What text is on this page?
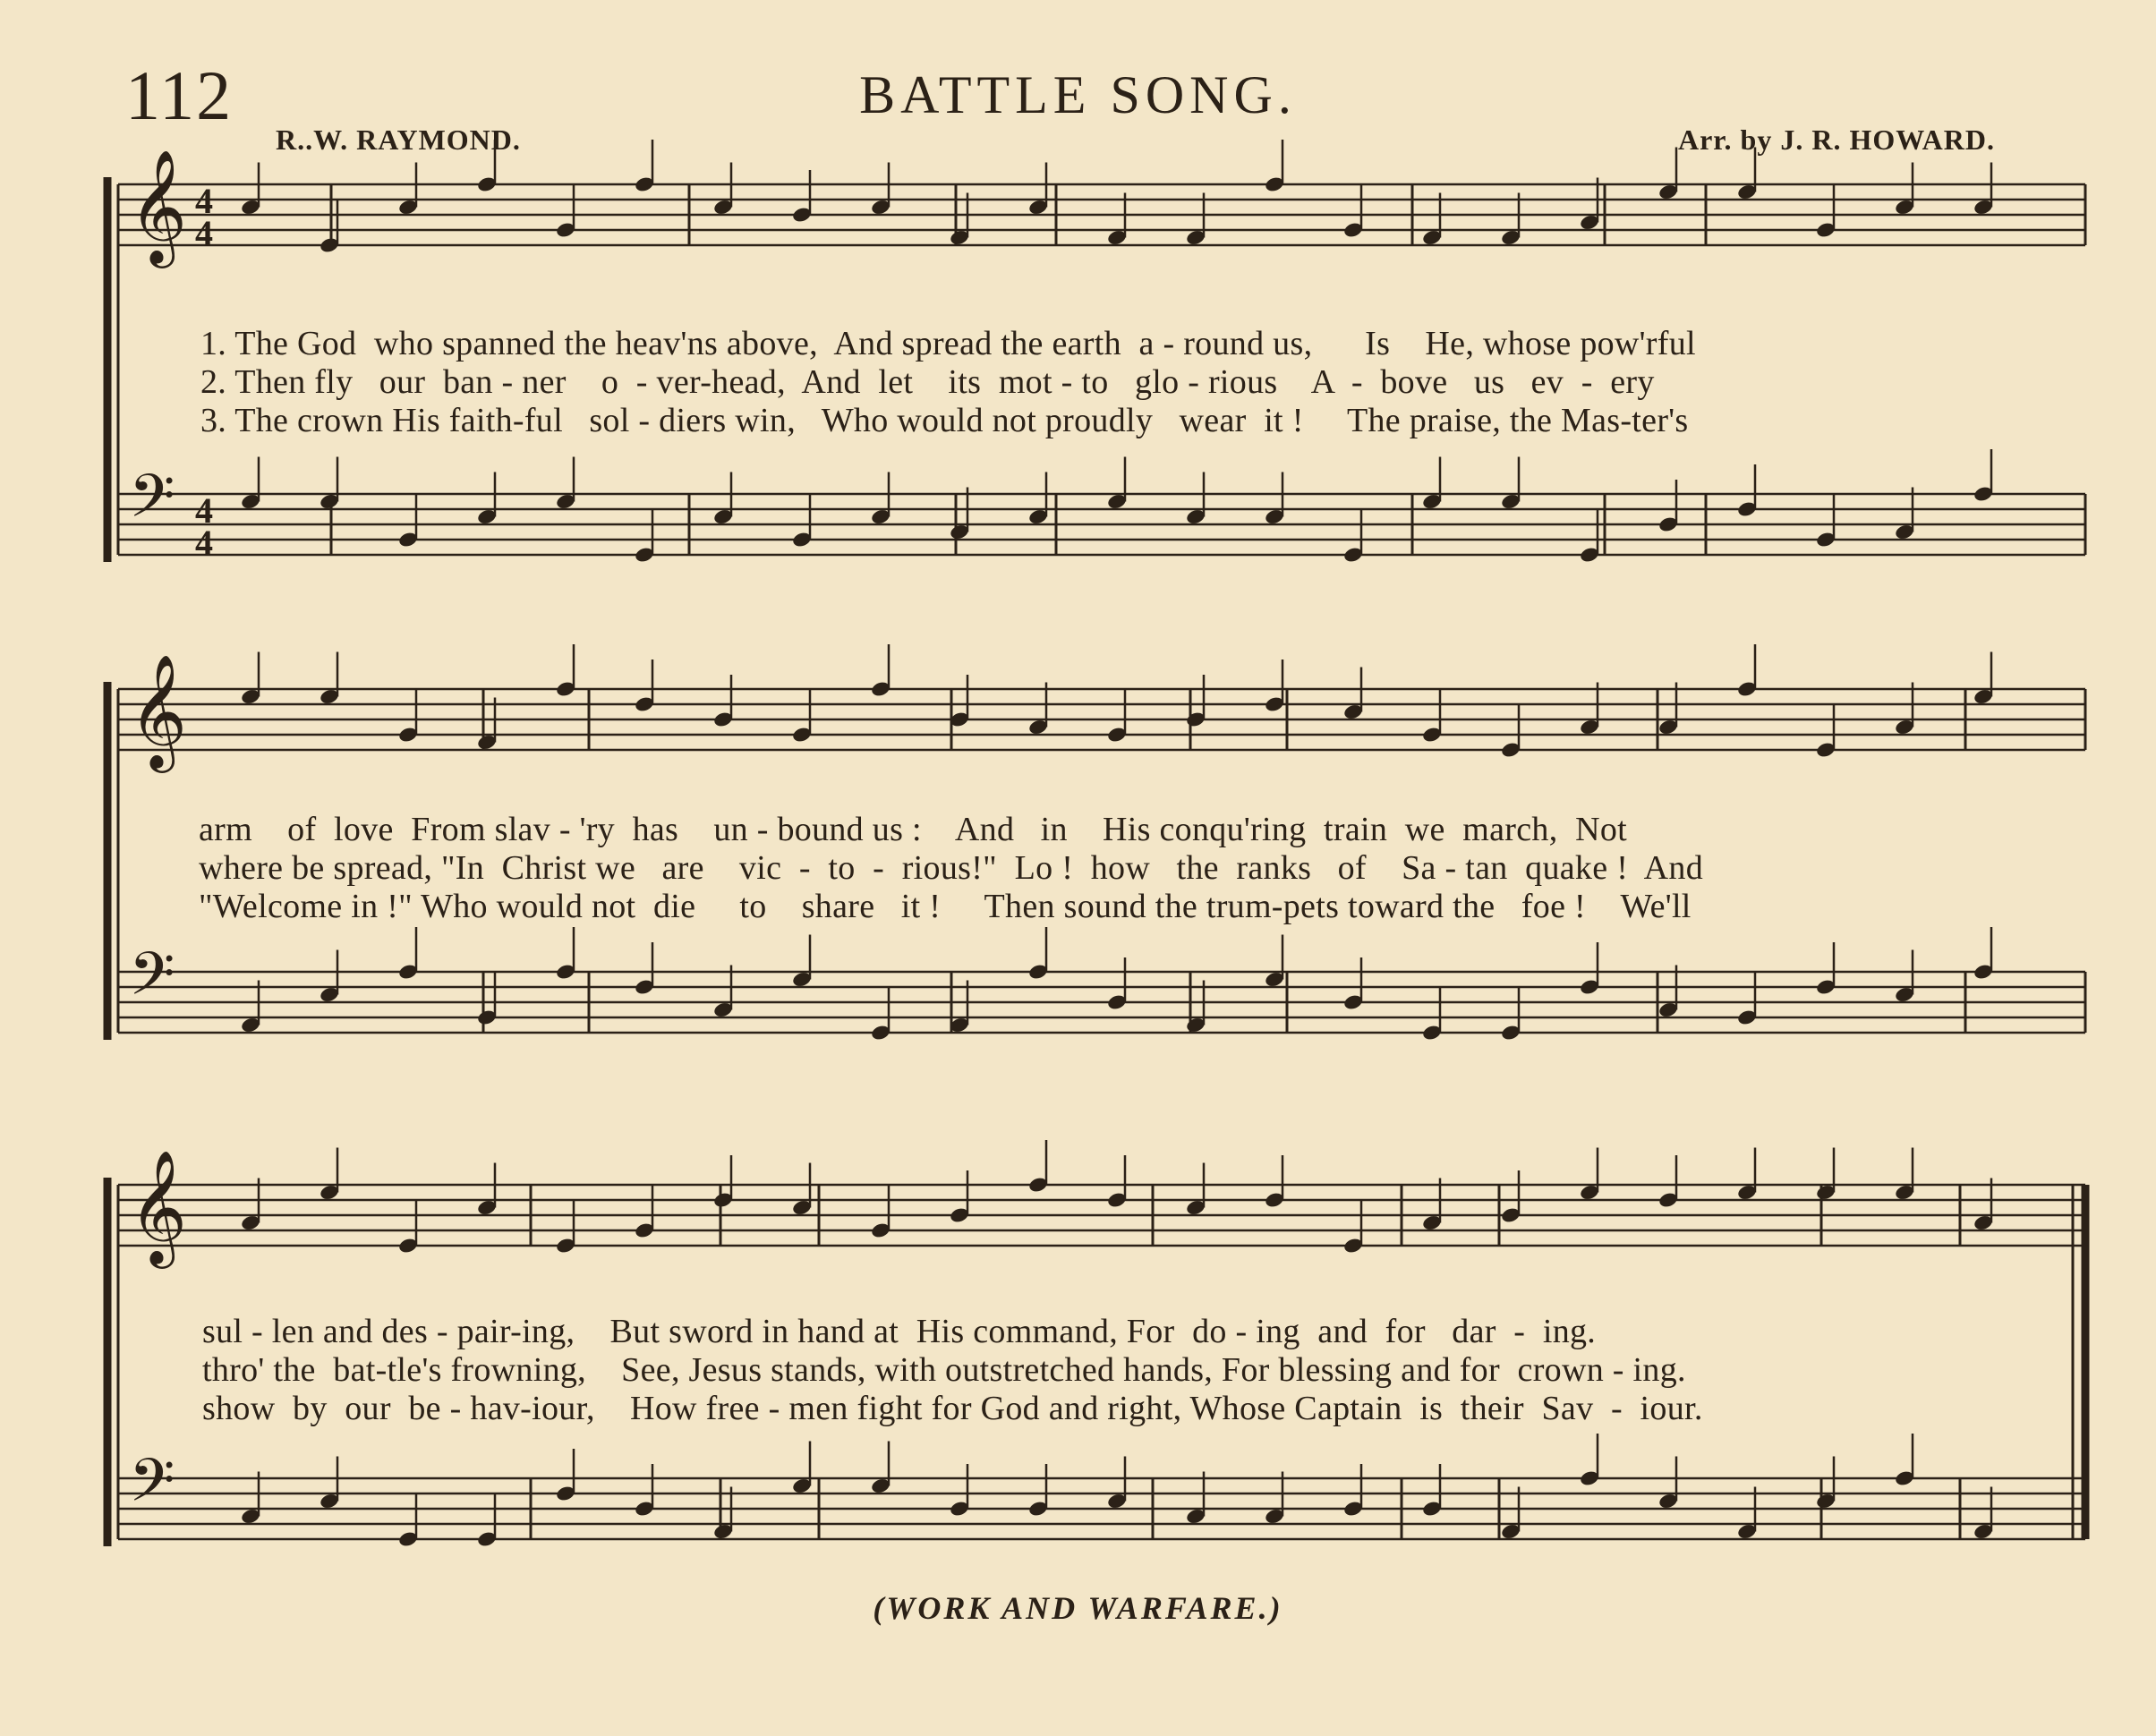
112	BATTLE SONG.
R..W. RAYMOND.	Arr. by J. R. HOWARD.
𝄞 4
4
𝄢 4
4
𝄞
𝄢
𝄞
𝄢
1. The God  who spanned the heav'ns above,  And spread the earth  a - round us,      Is    He, whose pow'rful
2. Then fly   our  ban - ner    o  - ver-head,  And  let    its  mot - to   glo - rious    A  -  bove   us   ev  -  ery
3. The crown His faith-ful   sol - diers win,   Who would not proudly   wear  it !     The praise, the Mas-ter's
arm    of  love  From slav - 'ry  has    un - bound us :    And   in    His conqu'ring  train  we  march,  Not
where be spread, "In  Christ we   are    vic  -  to  -  rious!"  Lo !  how   the  ranks   of    Sa - tan  quake !  And
"Welcome in !" Who would not  die     to    share   it !     Then sound the trum-pets toward the   foe !    We'll
sul - len and des - pair-ing,    But sword in hand at  His command, For  do - ing  and  for   dar  -  ing.
thro' the  bat-tle's frowning,    See, Jesus stands, with outstretched hands, For blessing and for  crown - ing.
show  by  our  be - hav-iour,    How free - men fight for God and right, Whose Captain  is  their  Sav  -  iour.
(WORK AND WARFARE.)
